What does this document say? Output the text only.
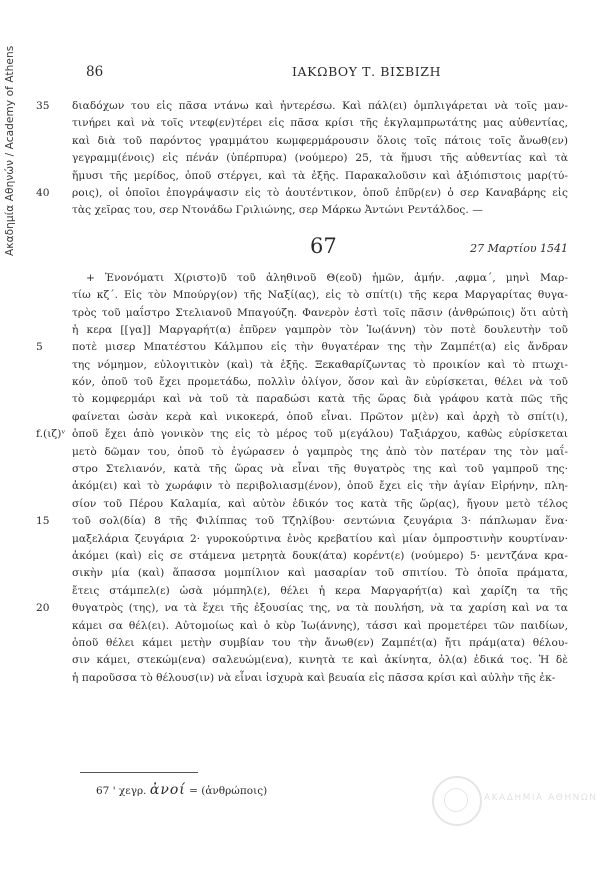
Ακαδημία Αθηνών / Academy of Athens	86	ΙΑΚΩΒΟΥ Τ. ΒΙΣΒΙΖΗ
35	διαδόχων του εἰς πᾶσα ντάνω καὶ ἠντερέσω. Καὶ πάλ(ει) ὀμπλιγάρεται νὰ τοῖς μαν-
τινήρει καὶ νὰ τοῖς ντεφ(εν)τέρει εἰς πᾶσα κρίσι τῆς ἐκγλαμπρωτάτης μας αὐθεντίας,
καὶ διὰ τοῦ παρόντος γραμμάτου κωμφερμάρουσιν ὅλοις τοῖς πάτοις τοῖς ἄνωθ(εν)
γεγραμμ(ένοις) εἰς πένάν (ὑπέρπυρα) (νούμερο) 25, τὰ ἥμυσι τῆς αὐθεντίας καὶ τὰ
ἥμυσι τῆς μερίδος, ὁποῦ στέργει, καὶ τὰ ἐξῆς. Παρακαλοῦσιν καὶ ἀξιόπιστοις μαρ(τύ-
40	ροις), οἱ ὁποῖοι ἐπογράψασιν εἰς τὸ ἀουτέντικον, ὁποῦ ἐπῦρ(εν) ὁ σερ Καναβάρης εἰς
τὰς χεῖρας του, σερ Ντονάδω Γριλιώνης, σερ Μάρκω Ἀντώνι Ρεντάλδος. —
67	27 Μαρτίου 1541
+ Ἐνονόματι Χ(ριστο)ῦ τοῦ ἀληθινοῦ Θ(εοῦ) ἡμῶν, ἀμήν. ,αφμα΄, μηνὶ Μαρ-
τίω κζ΄. Εἰς τὸν Μπούργ(ον) τῆς Ναξί(ας), εἰς τὸ σπίτ(ι) τῆς κερα Μαργαρίτας θυγα-
τρὸς τοῦ μαΐστρο Στελιανοῦ Μπαγούζη. Φανερὸν ἐστὶ τοῖς πᾶσιν (ἀνθρώποις) ὅτι αὐτὴ
ἡ κερα [[γα]] Μαργαρήτ(α) ἐπῦρεν γαμπρὸν τὸν Ἰω(άννη) τὸν ποτὲ δουλευτὴν τοῦ
5	ποτὲ μισερ Μπατέστου Κάλμπου εἰς τὴν θυγατέραν της τὴν Ζαμπέτ(α) εἰς ἄνδραν
της νόμημον, εὐλογιτικὸν (καὶ) τὰ ἑξῆς. Ξεκαθαρίζωντας τὸ προικίον καὶ τὸ πτωχι-
κόν, ὁποῦ τοῦ ἔχει προμετάδω, πολλὶν ὀλίγον, ὅσον καὶ ἂν εὑρίσκεται, θέλει νὰ τοῦ
τὸ κομφερμάρι καὶ νὰ τοῦ τὰ παραδώσι κατὰ τῆς ὥρας διὰ γράφου κατὰ πῶς τῆς
φαίνεται ὡσὰν κερὰ καὶ νικοκερά, ὁποῦ εἶναι. Πρῶτον μ(ὲν) καὶ ἀρχὴ τὸ σπίτ(ι),
f.(ιζ)ᵛ ὁποῦ ἔχει ἀπὸ γονικὸν της εἰς τὸ μέρος τοῦ μ(εγάλου) Ταξιάρχου, καθὼς εὑρίσκεται
μετὸ δῶμαν του, ὁποῦ τὸ ἐγώρασεν ὁ γαμπρὸς της ἀπὸ τὸν πατέραν της τὸν μαΐ-
στρο Στελιανόν, κατὰ τῆς ὥρας νὰ εἶναι τῆς θυγατρὸς της καὶ τοῦ γαμπροῦ της·
ἀκόμ(ει) καὶ τὸ χωράφιν τὸ περιβολιασμ(ένον), ὁποῦ ἔχει εἰς τὴν ἁγίαν Εἰρήνην, πλη-
σίον τοῦ Πέρου Καλαμία, καὶ αὐτὸν ἐδικόν τος κατὰ τῆς ὥρ(ας), ἤγουν μετὸ τέλος
15	τοῦ σολ(δία) 8 τῆς Φιλίππας τοῦ Τζηλίβου· σεντώνια ζευγάρια 3· πάπλωμαν ἕνα·
μαξελάρια ζευγάρια 2· γυροκούρτινα ἑνὸς κρεβατίου καὶ μίαν ὀμπροστινὴν κουρτίναν·
ἀκόμει (καὶ) εἰς σε στάμενα μετρητὰ δουκ(άτα) κορέντ(ε) (νούμερο) 5· μεντζάνα κρα-
σικὴν μία (καὶ) ἅπασσα μομπίλιον καὶ μασαρίαν τοῦ σπιτίου. Τὸ ὁποῖα πράματα,
ἔτεις στάμπελ(ε) ὡσὰ μόμπηλ(ε), θέλει ἡ κερα Μαργαρήτ(α) καὶ χαρίζη τα τῆς
20	θυγατρὸς (της), να τὰ ἔχει τῆς ἐξουσίας της, να τὰ πουλήση, νὰ τα χαρίση καὶ να τα
κάμει σα θέλ(ει). Αὐτομοίως καὶ ὁ κὺρ Ἰω(άννης), τάσσι καὶ προμετέρει τῶν παιδίων,
ὁποῦ θέλει κάμει μετὴν συμβίαν του τὴν ἄνωθ(εν) Ζαμπέτ(α) ἤτι πράμ(ατα) θέλου-
σιν κάμει, στεκώμ(ενα) σαλευώμ(ενα), κινητὰ τε καὶ ἀκίνητα, ὁλ(α) ἐδικά τος. Ἡ δὲ
ἡ παροῦσσα τὸ θέλουσ(ιν) νὰ εἶναι ἰσχυρὰ καὶ βευαία εἰς πᾶσσα κρίσι καὶ αὐλὴν τῆς ἐκ-
67 ' χεγρ. ἀνοί = (ἀνθρώποις)
ΑΚΑΔΗΜΙΑ ΑΘΗΝΩΝ
